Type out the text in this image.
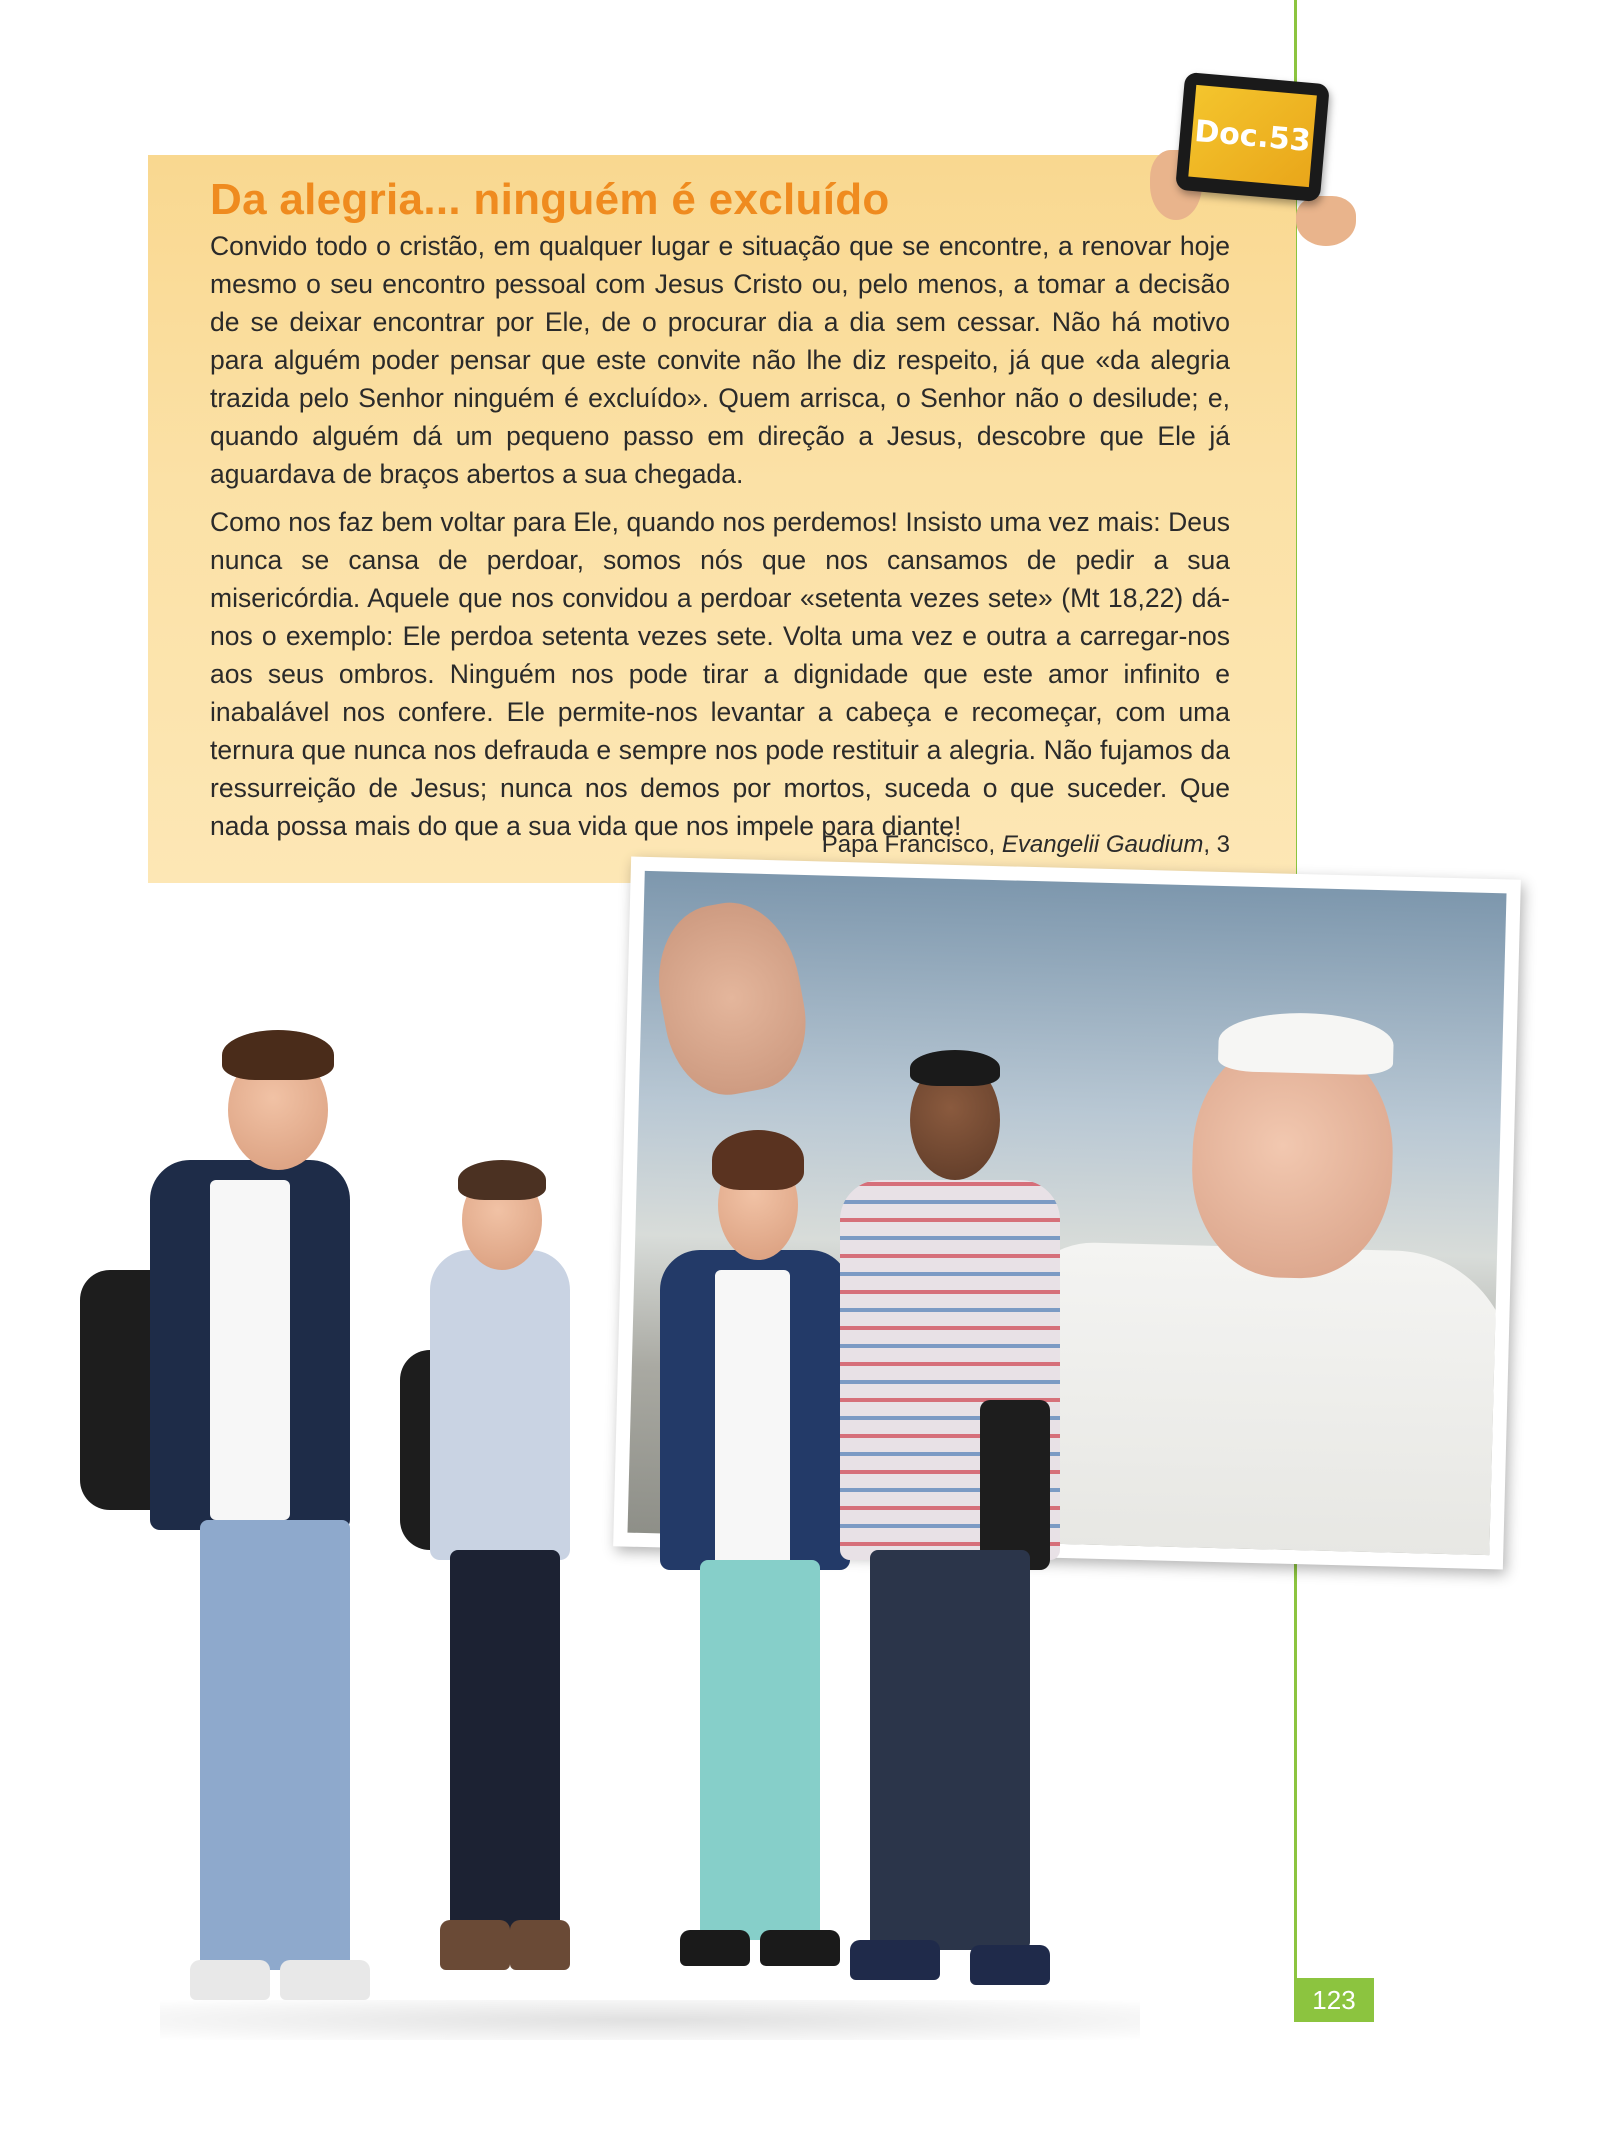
Da alegria... ninguém é excluído

Convido todo o cristão, em qualquer lugar e situação que se encontre, a renovar hoje mesmo o seu encontro pessoal com Jesus Cristo ou, pelo menos, a tomar a decisão de se deixar encontrar por Ele, de o procurar dia a dia sem cessar. Não há motivo para alguém poder pensar que este convite não lhe diz respeito, já que «da alegria trazida pelo Senhor ninguém é excluído». Quem arrisca, o Senhor não o desilude; e, quando alguém dá um pequeno passo em direção a Jesus, descobre que Ele já aguardava de braços abertos a sua chegada.

Como nos faz bem voltar para Ele, quando nos perdemos! Insisto uma vez mais: Deus nunca se cansa de perdoar, somos nós que nos cansamos de pedir a sua misericórdia. Aquele que nos convidou a perdoar «setenta vezes sete» (Mt 18,22) dá-nos o exemplo: Ele perdoa setenta vezes sete. Volta uma vez e outra a carregar-nos aos seus ombros. Ninguém nos pode tirar a dignidade que este amor infinito e inabalável nos confere. Ele permite-nos levantar a cabeça e recomeçar, com uma ternura que nunca nos defrauda e sempre nos pode restituir a alegria. Não fujamos da ressurreição de Jesus; nunca nos demos por mortos, suceda o que suceder. Que nada possa mais do que a sua vida que nos impele para diante!

Papa Francisco, Evangelii Gaudium, 3
Doc.53
123
